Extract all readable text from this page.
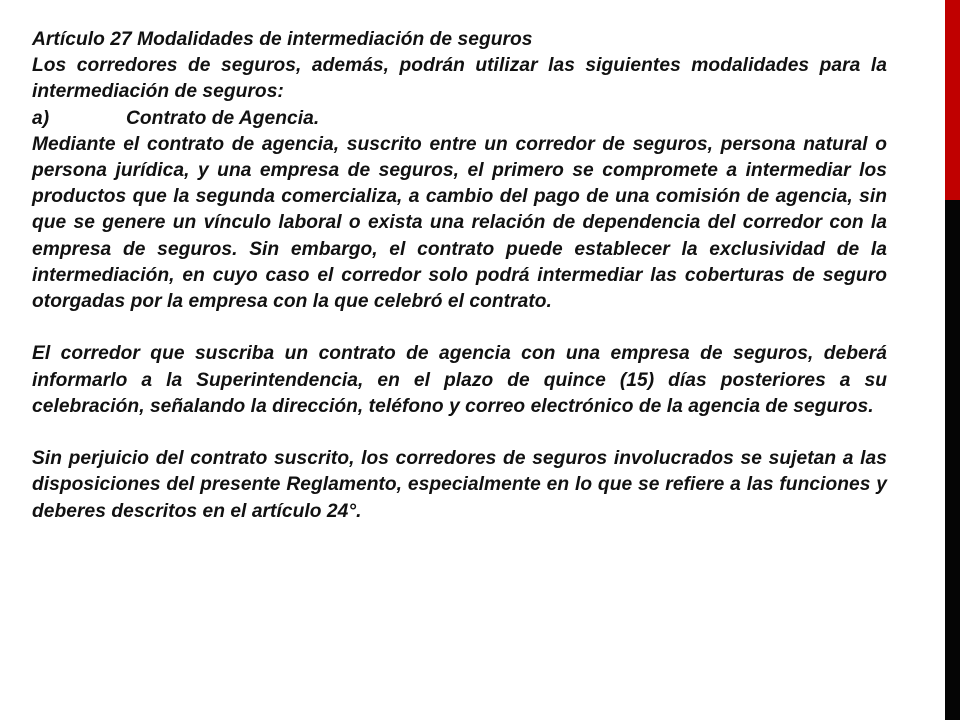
Artículo 27 Modalidades de intermediación de seguros

Los corredores de seguros, además, podrán utilizar las siguientes modalidades para la intermediación de seguros:

a)	Contrato de Agencia.

Mediante el contrato de agencia, suscrito entre un corredor de seguros, persona natural o persona jurídica, y una empresa de seguros, el primero se compromete a intermediar los productos que la segunda comercializa, a cambio del pago de una comisión de agencia, sin que se genere un vínculo laboral o exista una relación de dependencia del corredor con la empresa de seguros. Sin embargo, el contrato puede establecer la exclusividad de la intermediación, en cuyo caso el corredor solo podrá intermediar las coberturas de seguro otorgadas por la empresa con la que celebró el contrato.

El corredor que suscriba un contrato de agencia con una empresa de seguros, deberá informarlo a la Superintendencia, en el plazo de quince (15) días posteriores a su celebración, señalando la dirección, teléfono y correo electrónico de la agencia de seguros.

Sin perjuicio del contrato suscrito, los corredores de seguros involucrados se sujetan a las disposiciones del presente Reglamento, especialmente en lo que se refiere a las funciones y deberes descritos en el artículo 24°.
